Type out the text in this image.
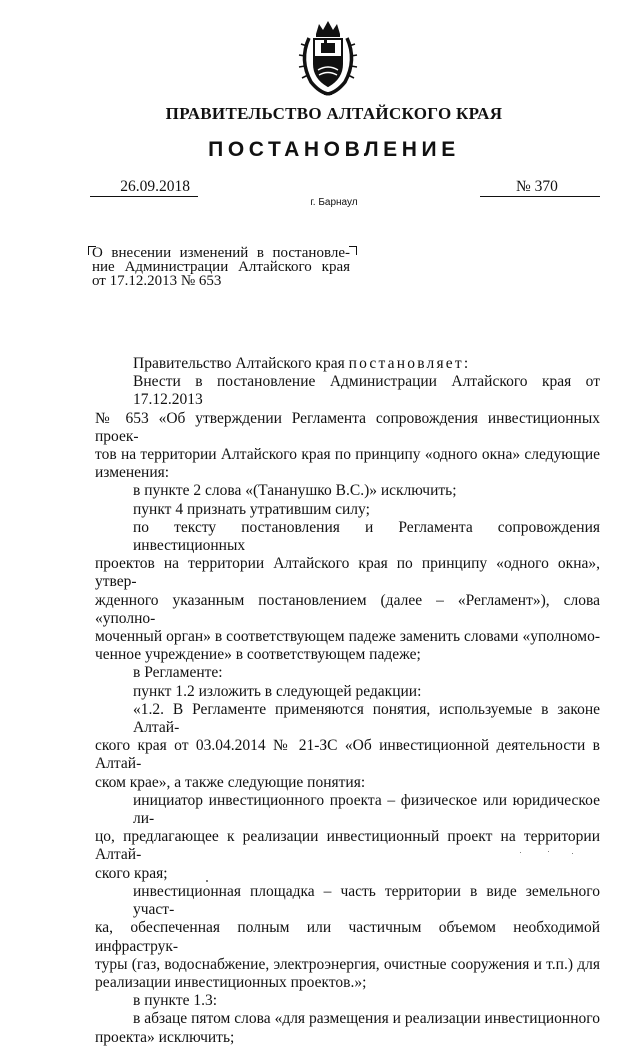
ПРАВИТЕЛЬСТВО АЛТАЙСКОГО КРАЯ
ПОСТАНОВЛЕНИЕ
26.09.2018	№ 370
г. Барнаул
О внесении изменений в постановле-
ние Администрации Алтайского края
от 17.12.2013 № 653
Правительство Алтайского края постановляет:
Внести в постановление Администрации Алтайского края от 17.12.2013
№ 653 «Об утверждении Регламента сопровождения инвестиционных проек-
тов на территории Алтайского края по принципу «одного окна» следующие
изменения:
в пункте 2 слова «(Тананушко В.С.)» исключить;
пункт 4 признать утратившим силу;
по тексту постановления и Регламента сопровождения инвестиционных
проектов на территории Алтайского края по принципу «одного окна», утвер-
жденного указанным постановлением (далее – «Регламент»), слова «уполно-
моченный орган» в соответствующем падеже заменить словами «уполномо-
ченное учреждение» в соответствующем падеже;
в Регламенте:
пункт 1.2 изложить в следующей редакции:
«1.2. В Регламенте применяются понятия, используемые в законе Алтай-
ского края от 03.04.2014 № 21-ЗС «Об инвестиционной деятельности в Алтай-
ском крае», а также следующие понятия:
инициатор инвестиционного проекта – физическое или юридическое ли-
цо, предлагающее к реализации инвестиционный проект на территории Алтай-
ского края;
инвестиционная площадка – часть территории в виде земельного участ-
ка, обеспеченная полным или частичным объемом необходимой инфраструк-
туры (газ, водоснабжение, электроэнергия, очистные сооружения и т.п.) для
реализации инвестиционных проектов.»;
в пункте 1.3:
в абзаце пятом слова «для размещения и реализации инвестиционного
проекта» исключить;
